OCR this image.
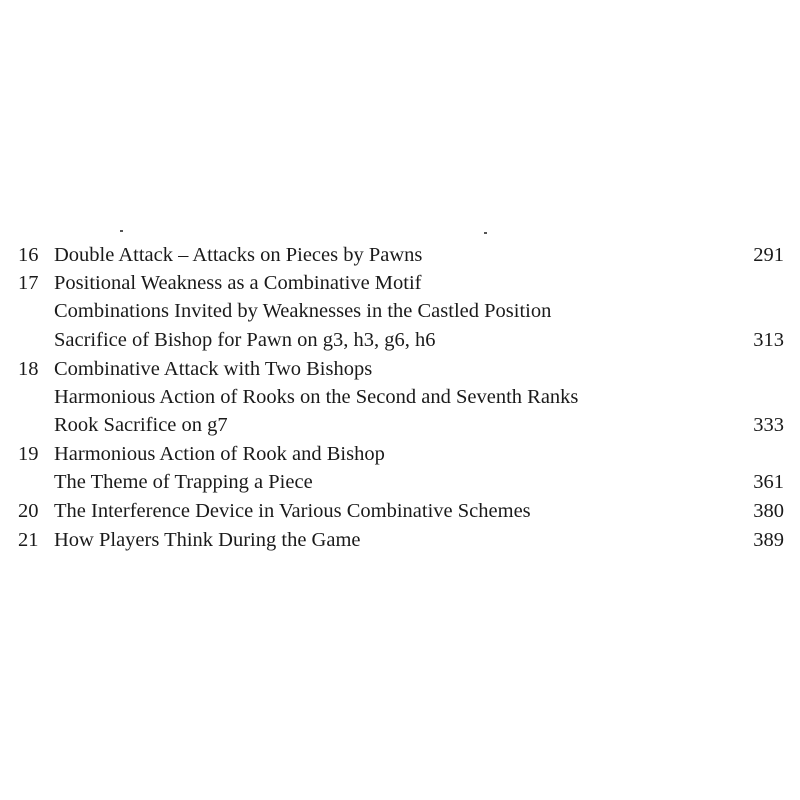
16 Double Attack – Attacks on Pieces by Pawns	291
17 Positional Weakness as a Combinative Motif
Combinations Invited by Weaknesses in the Castled Position
Sacrifice of Bishop for Pawn on g3, h3, g6, h6	313
18 Combinative Attack with Two Bishops
Harmonious Action of Rooks on the Second and Seventh Ranks
Rook Sacrifice on g7	333
19 Harmonious Action of Rook and Bishop
The Theme of Trapping a Piece	361
20 The Interference Device in Various Combinative Schemes	380
21 How Players Think During the Game	389
